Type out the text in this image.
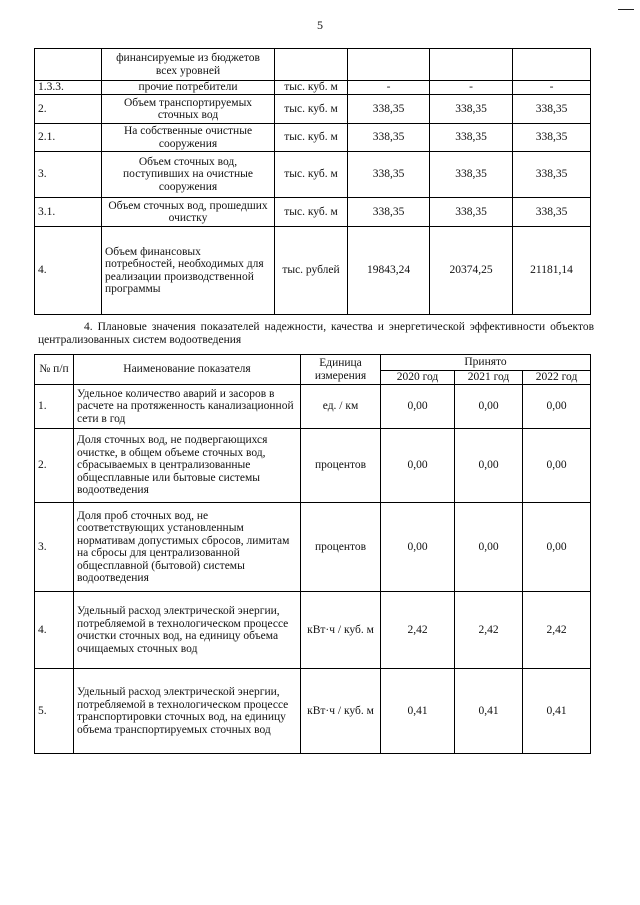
5
	финансируемые из бюджетов всех уровней				
1.3.3.	прочие потребители	тыс. куб. м	-	-	-
2.	Объем транспортируемых сточных вод	тыс. куб. м	338,35	338,35	338,35
2.1.	На собственные очистные сооружения	тыс. куб. м	338,35	338,35	338,35
3.	Объем сточных вод, поступивших на очистные сооружения	тыс. куб. м	338,35	338,35	338,35
3.1.	Объем сточных вод, прошедших очистку	тыс. куб. м	338,35	338,35	338,35
4.	Объем финансовых потребностей, необходимых для реализации производственной программы	тыс. рублей	19843,24	20374,25	21181,14
4. Плановые значения показателей надежности, качества и энергетической эффективности объектов централизованных систем водоотведения
№ п/п	Наименование показателя	Единица измерения	Принято		
			2020 год	2021 год	2022 год
1.	Удельное количество аварий и засоров в расчете на протяженность канализационной сети в год	ед. / км	0,00	0,00	0,00
2.	Доля сточных вод, не подвергающихся очистке, в общем объеме сточных вод, сбрасываемых в централизованные общесплавные или бытовые системы водоотведения	процентов	0,00	0,00	0,00
3.	Доля проб сточных вод, не соответствующих установленным нормативам допустимых сбросов, лимитам на сбросы для централизованной общесплавной (бытовой) системы водоотведения	процентов	0,00	0,00	0,00
4.	Удельный расход электрической энергии, потребляемой в технологическом процессе очистки сточных вод, на единицу объема очищаемых сточных вод	кВт·ч / куб. м	2,42	2,42	2,42
5.	Удельный расход электрической энергии, потребляемой в технологическом процессе транспортировки сточных вод, на единицу объема транспортируемых сточных вод	кВт·ч / куб. м	0,41	0,41	0,41
